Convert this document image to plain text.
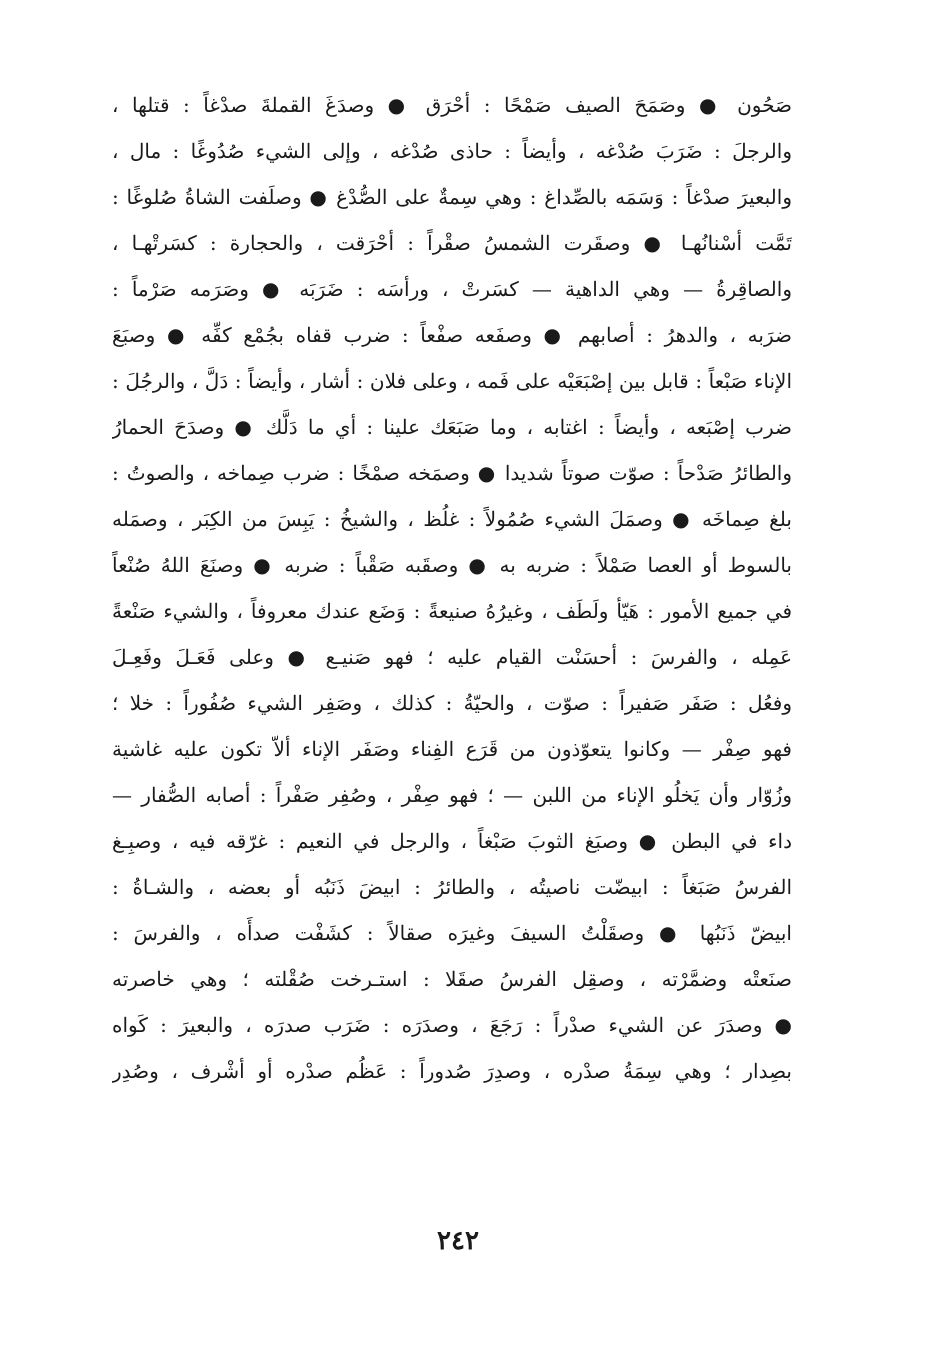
صَحُون ● وصَمَحَ الصيف صَمْحًا : أحْرَق ● وصدَغَ القملةَ صدْغاً : قتلها ،
والرجلَ : ضَرَبَ صُدْغه ، وأيضاً : حاذى صُدْغه ، وإلى الشيء صُدُوغًا : مال ،
والبعيرَ صدْغاً : وَسَمَه بالصِّداغ : وهي سِمةٌ على الصُّدْغ ● وصلَفت الشاةُ صُلوغًا :
تَمَّت أسْنانُهـا ● وصقَرت الشمسُ صقْراً : أحْرَقت ، والحجارة : كسَرتْهـا ،
والصاقِرةُ — وهي الداهية — كسَرتْ ، ورأسَه : ضَرَبَه ● وصَرَمه صَرْماً :
ضرَبه ، والدهرُ : أصابهم ● وصفَعه صفْعاً : ضرب قفاه بجُمْع كفِّه ● وصبَعَ
الإناء صَبْعاً : قابل بين إصْبَعَيْه على فَمه ، وعلى فلان : أشار ، وأيضاً : دَلَّ ، والرجُلَ :
ضرب إصْبَعه ، وأيضاً : اغتابه ، وما صَبَعَك علينا : أي ما دَلَّك ● وصدَحَ الحمارُ
والطائرُ صَدْحاً : صوّت صوتاً شديدا ● وصمَخه صمْخًا : ضرب صِماخه ، والصوتُ :
بلغ صِماخَه ● وصمَلَ الشيء صُمُولاً : غلُظ ، والشيخُ : يَبِسَ من الكِبَر ، وصمَله
بالسوط أو العصا صَمْلاً : ضربه به ● وصقَبه صَقْباً : ضربه ● وصنَعَ اللهُ صُنْعاً
في جميع الأمور : هَيّأ ولَطَف ، وغيرُهُ صنيعةً : وَضَع عندك معروفاً ، والشيء صَنْعةً
عَمِله ، والفرسَ : أحسَنْت القيام عليه ؛ فهو صَنيـع ● وعلى فَعَـلَ وفَعِـلَ
وفعُل : صَفَر صَفيراً : صوّت ، والحيّةُ : كذلك ، وصَفِر الشيء صُفُوراً : خلا ؛
فهو صِفْر — وكانوا يتعوّذون من قَرَع الفِناء وصَفَر الإناء ألاّ تكون عليه غاشية
وزُوّار وأن يَخلُو الإناء من اللبن — ؛ فهو صِفْر ، وصُفِر صَفْراً : أصابه الصُّفار —
داء في البطن ● وصبَغ الثوبَ صَبْغاً ، والرجل في النعيم : غرّقه فيه ، وصبِـغ
الفرسُ صَبَغاً : ابيضّت ناصيتُه ، والطائرُ : ابيضَ ذَنَبُه أو بعضه ، والشـاةُ :
ابيضّ ذَنَبُها ● وصقَلْتُ السيفَ وغيرَه صقالاً : كشَفْت صدأَه ، والفرسَ :
صنَعتْه وضمَّرْته ، وصقِل الفرسُ صقَلا : استـرخت صُقْلته ؛ وهي خاصرته
● وصدَرَ عن الشيء صدْراً : رَجَعَ ، وصدَرَه : ضَرَب صدرَه ، والبعيرَ : كَواه
بصِدار ؛ وهي سِمَةُ صدْره ، وصدِرَ صُدوراً : عَظُم صدْره أو أشْرف ، وصُدِر
٢٤٢
